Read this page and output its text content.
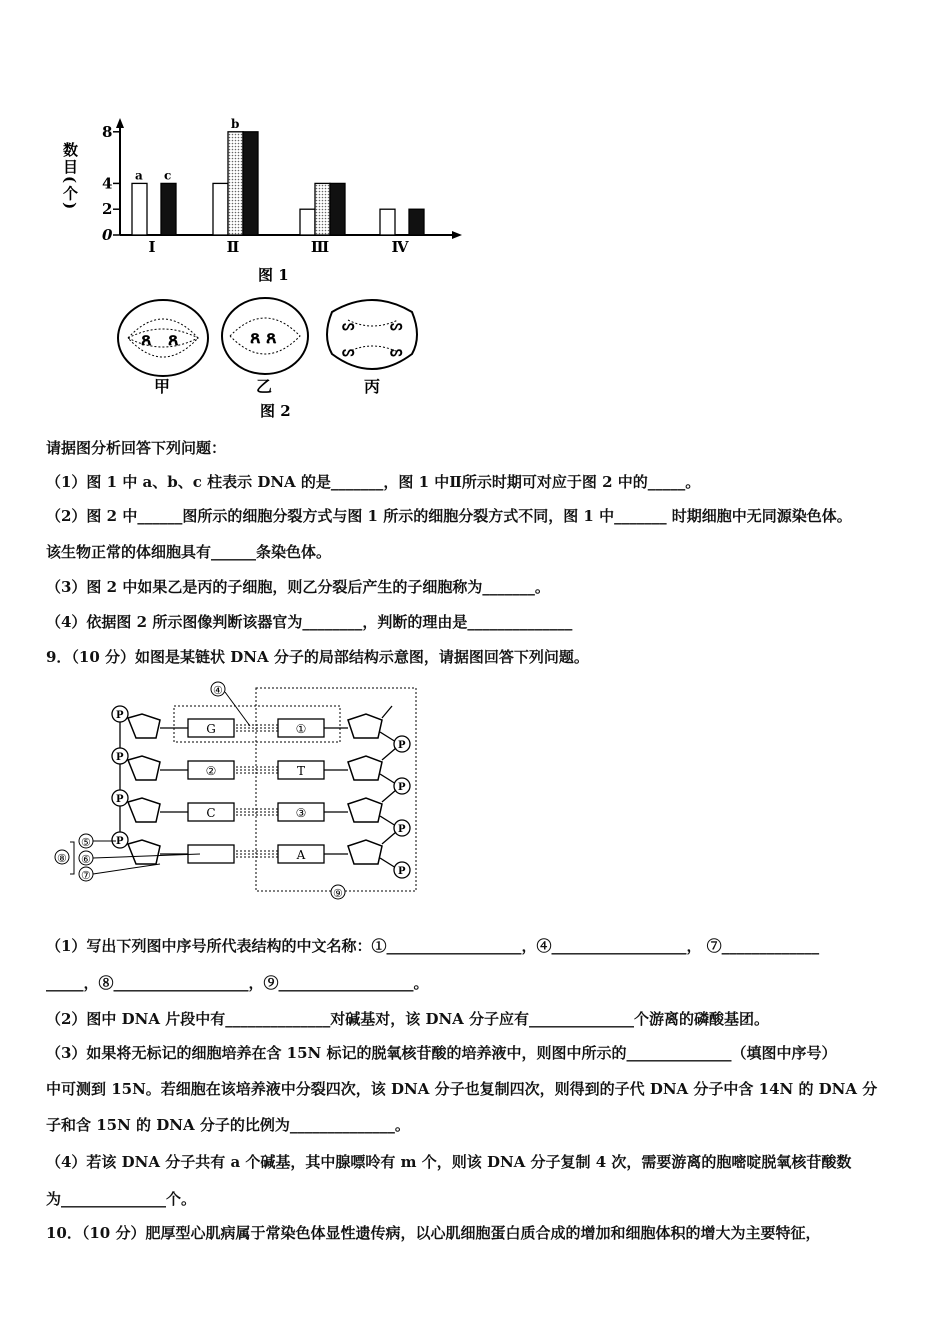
数目(个)
0
2
4
8
a c
I
b
Ⅱ	Ⅲ	Ⅳ
图 1
ጸ ጸ	ጸ ጸ
ᔕ	ᔕ
ᔕ	ᔕ
甲	乙	丙
图 2
请据图分析回答下列问题：
（1）图 1 中 a、b、c 柱表示 DNA 的是_______，图 1 中Ⅱ所示时期可对应于图 2 中的_____。
（2）图 2 中______图所示的细胞分裂方式与图 1 所示的细胞分裂方式不同，图 1 中_______ 时期细胞中无同源染色体。
该生物正常的体细胞具有______条染色体。
（3）图 2 中如果乙是丙的子细胞，则乙分裂后产生的子细胞称为_______。
（4）依据图 2 所示图像判断该器官为________，判断的理由是______________
9．（10 分）如图是某链状 DNA 分子的局部结构示意图，请据图回答下列问题。
④
⑨
P
G	①
P
P
②	T
P
P
C	③
P
P
A
P
⑤
⑥
⑦
⑧
（1）写出下列图中序号所代表结构的中文名称：①__________________，④__________________， ⑦_____________
_____，⑧__________________，⑨__________________。
（2）图中 DNA 片段中有______________对碱基对，该 DNA 分子应有______________个游离的磷酸基团。
（3）如果将无标记的细胞培养在含 15N 标记的脱氧核苷酸的培养液中，则图中所示的______________（填图中序号）
中可测到 15N。若细胞在该培养液中分裂四次，该 DNA 分子也复制四次，则得到的子代 DNA 分子中含 14N 的 DNA 分
子和含 15N 的 DNA 分子的比例为______________。
（4）若该 DNA 分子共有 a 个碱基，其中腺嘌呤有 m 个，则该 DNA 分子复制 4 次，需要游离的胞嘧啶脱氧核苷酸数
为______________个。
10．（10 分）肥厚型心肌病属于常染色体显性遗传病，以心肌细胞蛋白质合成的增加和细胞体积的增大为主要特征，
